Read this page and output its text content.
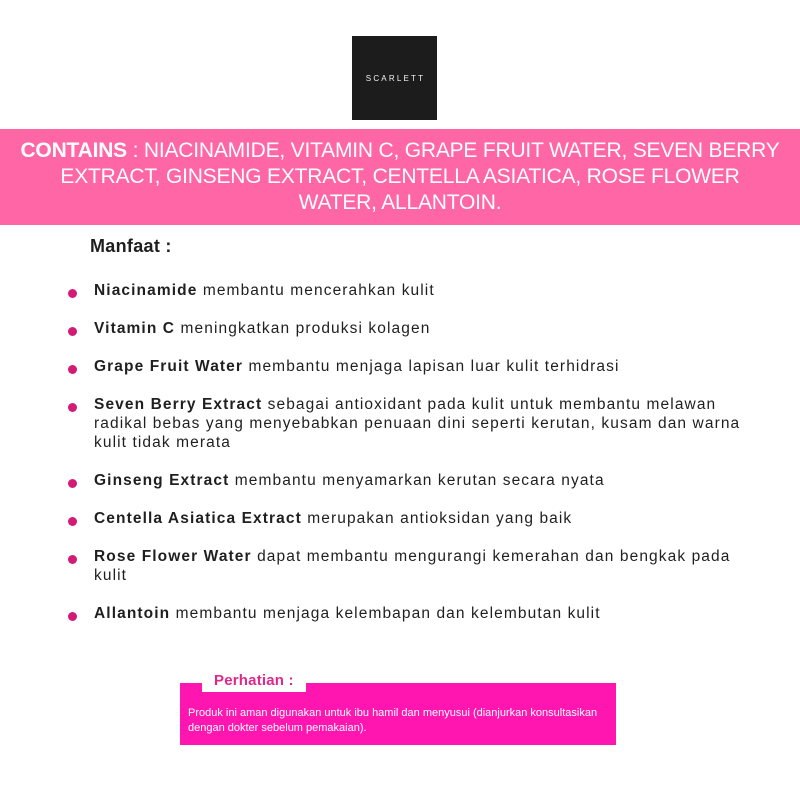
SCARLETT
CONTAINS : NIACINAMIDE, VITAMIN C, GRAPE FRUIT WATER, SEVEN BERRY EXTRACT, GINSENG EXTRACT, CENTELLA ASIATICA, ROSE FLOWER WATER, ALLANTOIN.
Manfaat :
Niacinamide membantu mencerahkan kulit
Vitamin C meningkatkan produksi kolagen
Grape Fruit Water membantu menjaga lapisan luar kulit terhidrasi
Seven Berry Extract sebagai antioxidant pada kulit untuk membantu melawan radikal bebas yang menyebabkan penuaan dini seperti kerutan, kusam dan warna kulit tidak merata
Ginseng Extract membantu menyamarkan kerutan secara nyata
Centella Asiatica Extract merupakan antioksidan yang baik
Rose Flower Water dapat membantu mengurangi kemerahan dan bengkak pada kulit
Allantoin membantu menjaga kelembapan dan kelembutan kulit
Perhatian :
Produk ini aman digunakan untuk ibu hamil dan menyusui (dianjurkan konsultasikan dengan dokter sebelum pemakaian).
